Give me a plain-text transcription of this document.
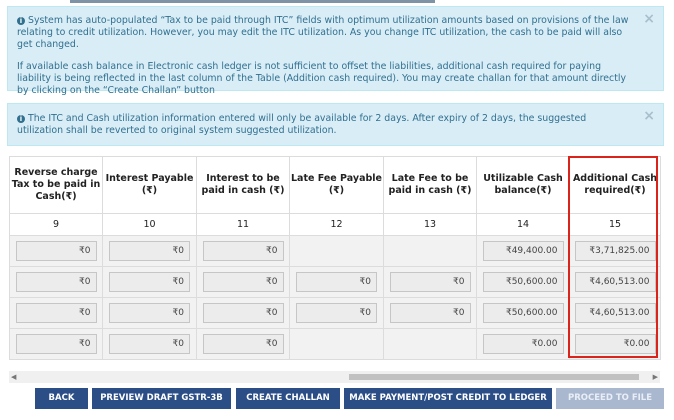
i System has auto-populated “Tax to be paid through ITC” fields with optimum utilization amounts based on provisions of the law relating to credit utilization. However, you may edit the ITC utilization. As you change ITC utilization, the cash to be paid will also get changed.

If available cash balance in Electronic cash ledger is not sufficient to offset the liabilities, additional cash required for paying liability is being reflected in the last column of the Table (Addition cash required). You may create challan for that amount directly by clicking on the “Create Challan” button

×

i The ITC and Cash utilization information entered will only be available for 2 days. After expiry of 2 days, the suggested utilization shall be reverted to original system suggested utilization.

×
Reverse charge Tax to be paid in Cash(₹)	Interest Payable (₹)	Interest to be paid in cash (₹)	Late Fee Payable (₹)	Late Fee to be paid in cash (₹)	Utilizable Cash balance(₹)	Additional Cash required(₹)
9	10	11	12	13	14	15

₹0	₹0	₹0			₹49,400.00	₹3,71,825.00

₹0	₹0	₹0	₹0	₹0	₹50,600.00	₹4,60,513.00

₹0	₹0	₹0	₹0	₹0	₹50,600.00	₹4,60,513.00

₹0	₹0	₹0			₹0.00	₹0.00
◀	▶
BACK	PREVIEW DRAFT GSTR-3B	CREATE CHALLAN	MAKE PAYMENT/POST CREDIT TO LEDGER	PROCEED TO FILE
